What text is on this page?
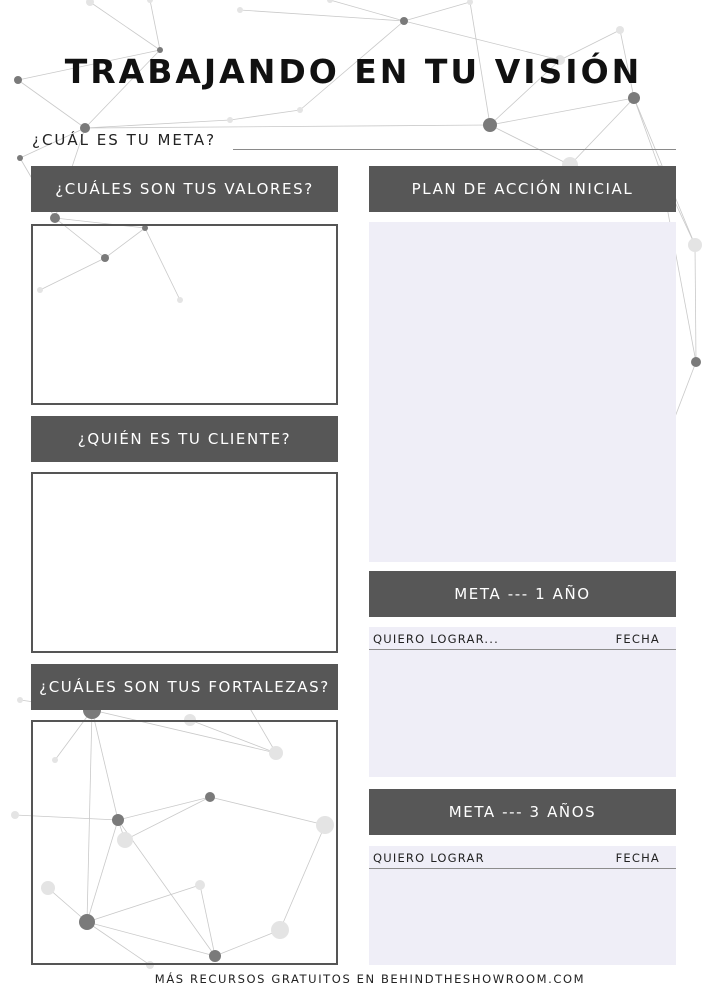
TRABAJANDO EN TU VISIÓN
¿CUÁL ES TU META?
¿CUÁLES SON TUS VALORES?
¿QUIÉN ES TU CLIENTE?
¿CUÁLES SON TUS FORTALEZAS?
PLAN DE ACCIÓN INICIAL
META --- 1 AÑO
QUIERO LOGRAR...	FECHA
META --- 3 AÑOS
QUIERO LOGRAR	FECHA
MÁS RECURSOS GRATUITOS EN BEHINDTHESHOWROOM.COM
